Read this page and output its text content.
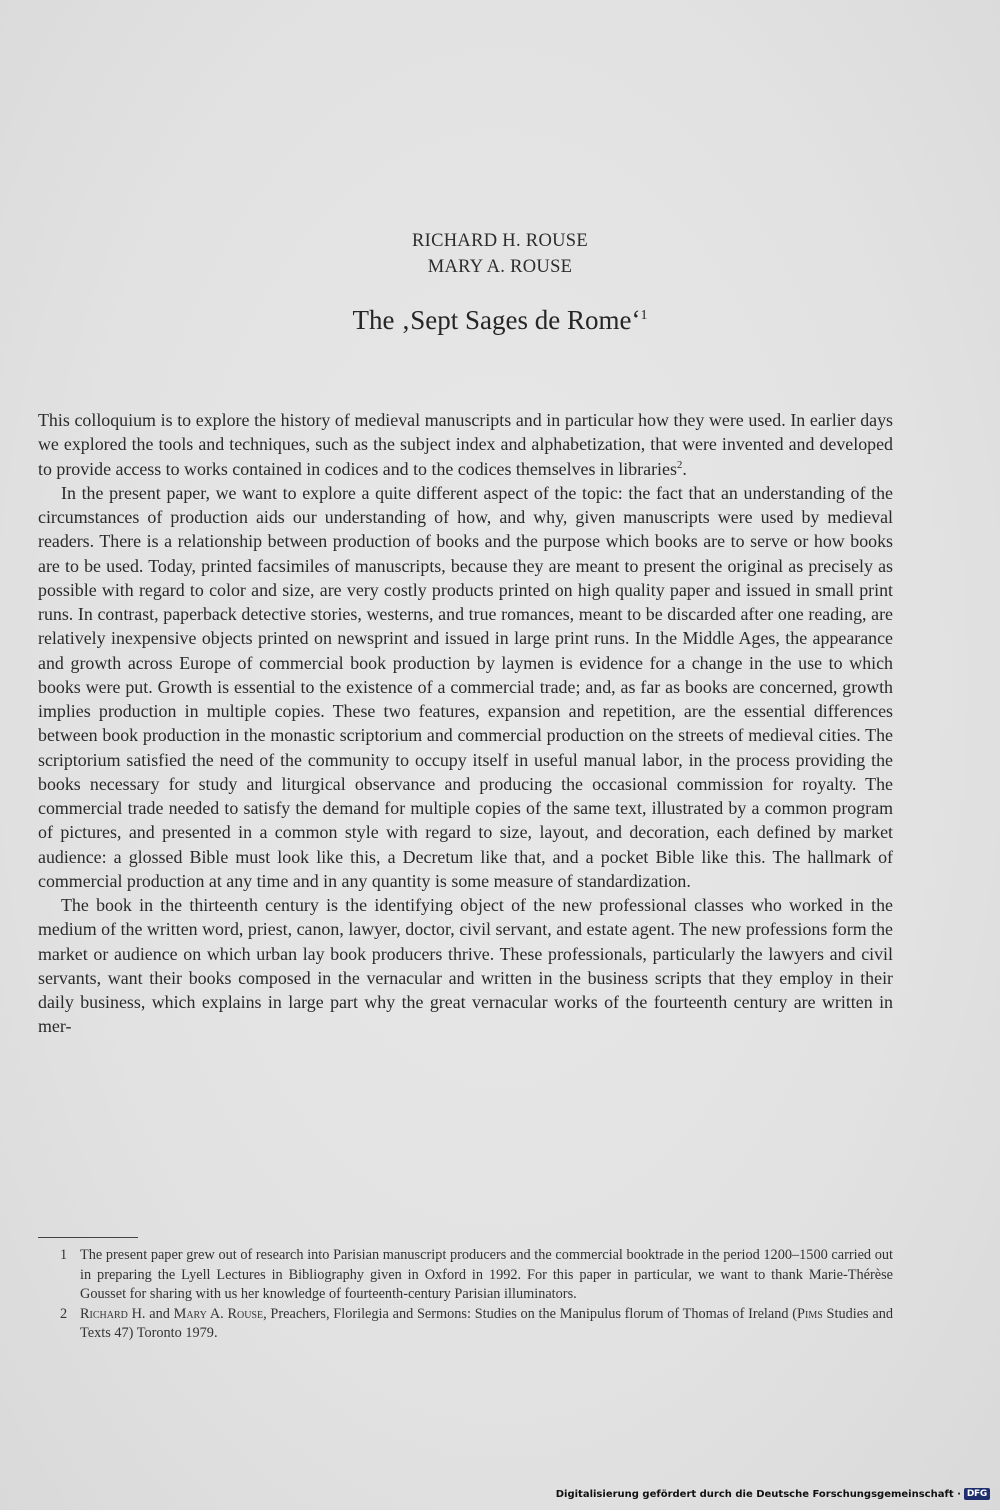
RICHARD H. ROUSE
MARY A. ROUSE
The ‚Sept Sages de Rome‘$^1$

This colloquium is to explore the history of medieval manuscripts and in particular how they were used. In earlier days we explored the tools and techniques, such as the subject index and alphabetization, that were invented and developed to provide access to works contained in codices and to the codices themselves in libraries$^2$.

In the present paper, we want to explore a quite different aspect of the topic: the fact that an understanding of the circumstances of production aids our understanding of how, and why, given manuscripts were used by medieval readers. There is a relationship between production of books and the purpose which books are to serve or how books are to be used. Today, printed facsimiles of manuscripts, because they are meant to present the original as precisely as possible with regard to color and size, are very costly products printed on high quality paper and issued in small print runs. In contrast, paperback detective stories, westerns, and true romances, meant to be discarded after one reading, are relatively inexpensive objects printed on newsprint and issued in large print runs. In the Middle Ages, the appearance and growth across Europe of commercial book production by laymen is evidence for a change in the use to which books were put. Growth is essential to the existence of a commercial trade; and, as far as books are concerned, growth implies production in multiple copies. These two features, expansion and repetition, are the essential differences between book production in the monastic scriptorium and commercial production on the streets of medieval cities. The scriptorium satisfied the need of the community to occupy itself in useful manual labor, in the process providing the books necessary for study and liturgical observance and producing the occasional commission for royalty. The commercial trade needed to satisfy the demand for multiple copies of the same text, illustrated by a common program of pictures, and presented in a common style with regard to size, layout, and decoration, each defined by market audience: a glossed Bible must look like this, a Decretum like that, and a pocket Bible like this. The hallmark of commercial production at any time and in any quantity is some measure of standardization.

The book in the thirteenth century is the identifying object of the new professional classes who worked in the medium of the written word, priest, canon, lawyer, doctor, civil servant, and estate agent. The new professions form the market or audience on which urban lay book producers thrive. These professionals, particularly the lawyers and civil servants, want their books composed in the vernacular and written in the business scripts that they employ in their daily business, which explains in large part why the great vernacular works of the fourteenth century are written in mer-

1 The present paper grew out of research into Parisian manuscript producers and the commercial booktrade in the period 1200–1500 carried out in preparing the Lyell Lectures in Bibliography given in Oxford in 1992. For this paper in particular, we want to thank Marie-Thérèse Gousset for sharing with us her knowledge of fourteenth-century Parisian illuminators.

2 Richard H. and Mary A. Rouse, Preachers, Florilegia and Sermons: Studies on the Manipulus florum of Thomas of Ireland (Pims Studies and Texts 47) Toronto 1979.

Digitalisierung gefördert durch die Deutsche Forschungsgemeinschaft · DFG
